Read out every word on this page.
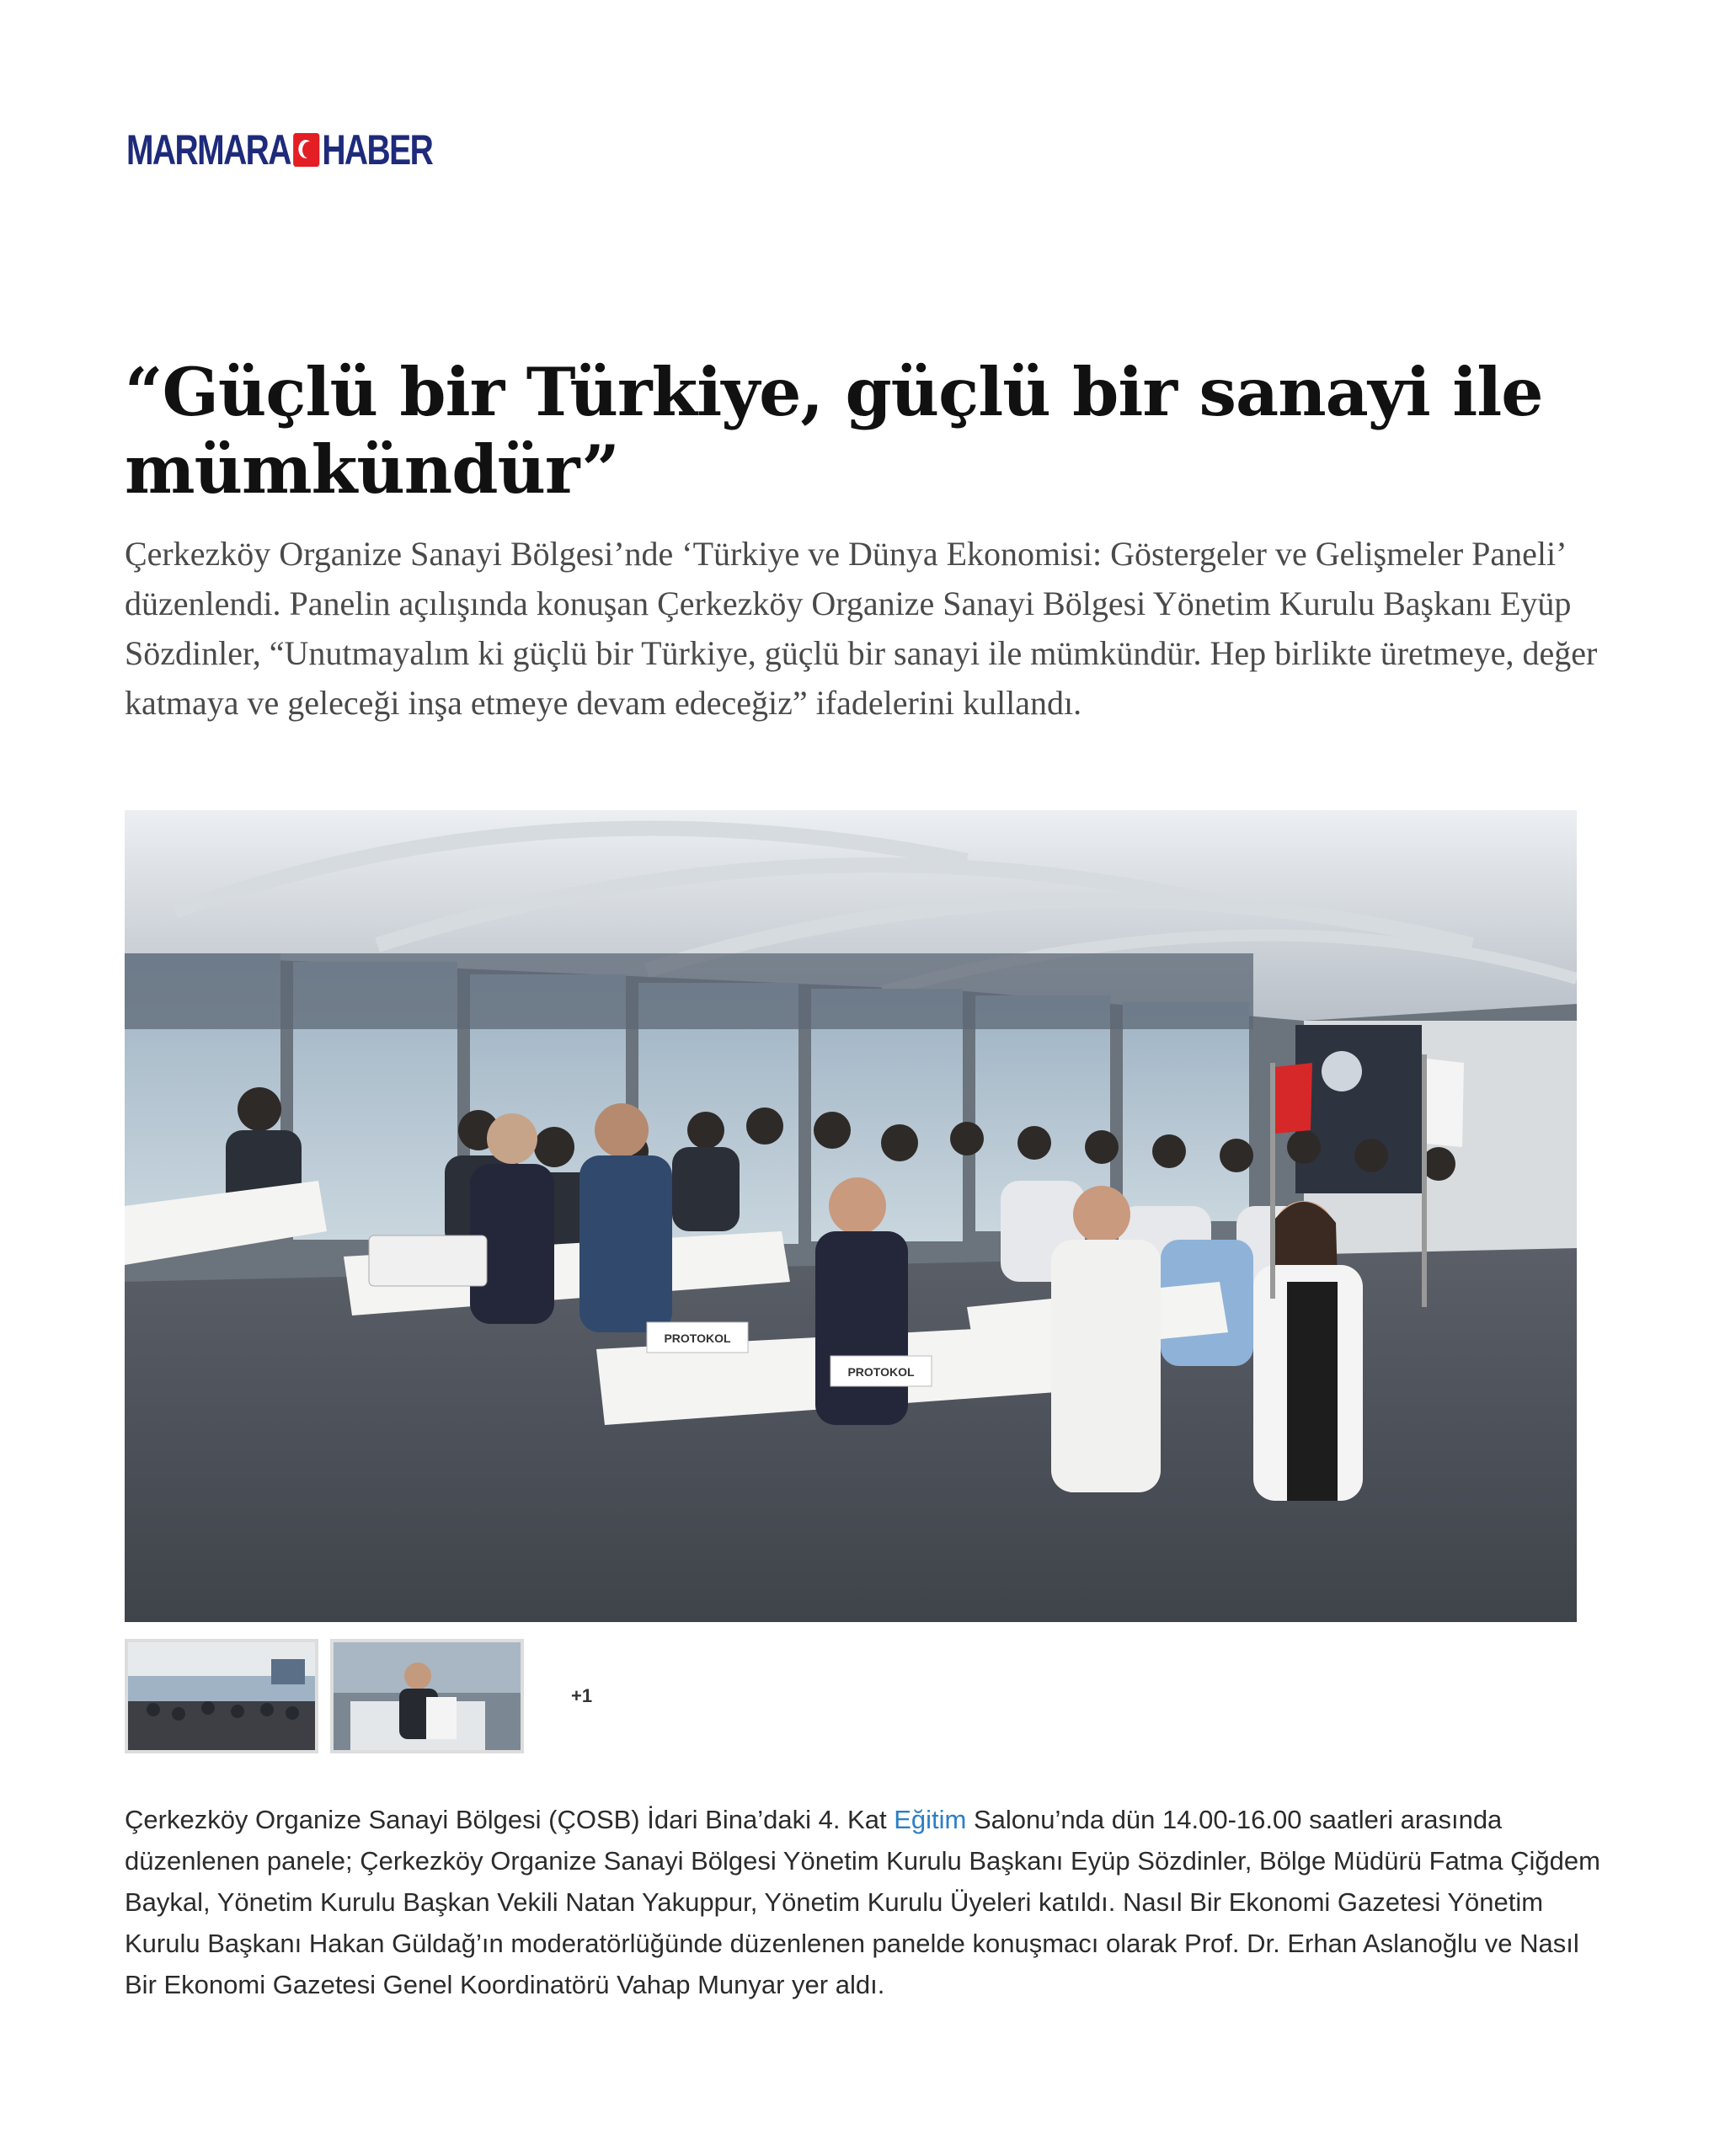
MARMARA HABER
“Güçlü bir Türkiye, güçlü bir sanayi ile mümkündür”

Çerkezköy Organize Sanayi Bölgesi’nde ‘Türkiye ve Dünya Ekonomisi: Göstergeler ve Gelişmeler Paneli’ düzenlendi. Panelin açılışında konuşan Çerkezköy Organize Sanayi Bölgesi Yönetim Kurulu Başkanı Eyüp Sözdinler, “Unutmayalım ki güçlü bir Türkiye, güçlü bir sanayi ile mümkündür. Hep birlikte üretmeye, değer katmaya ve geleceği inşa etmeye devam edeceğiz” ifadelerini kullandı.

PROTOKOL
PROTOKOL
+1

Çerkezköy Organize Sanayi Bölgesi (ÇOSB) İdari Bina’daki 4. Kat Eğitim Salonu’nda dün 14.00-16.00 saatleri arasında düzenlenen panele; Çerkezköy Organize Sanayi Bölgesi Yönetim Kurulu Başkanı Eyüp Sözdinler, Bölge Müdürü Fatma Çiğdem Baykal, Yönetim Kurulu Başkan Vekili Natan Yakuppur, Yönetim Kurulu Üyeleri katıldı. Nasıl Bir Ekonomi Gazetesi Yönetim Kurulu Başkanı Hakan Güldağ’ın moderatörlüğünde düzenlenen panelde konuşmacı olarak Prof. Dr. Erhan Aslanoğlu ve Nasıl Bir Ekonomi Gazetesi Genel Koordinatörü Vahap Munyar yer aldı.
